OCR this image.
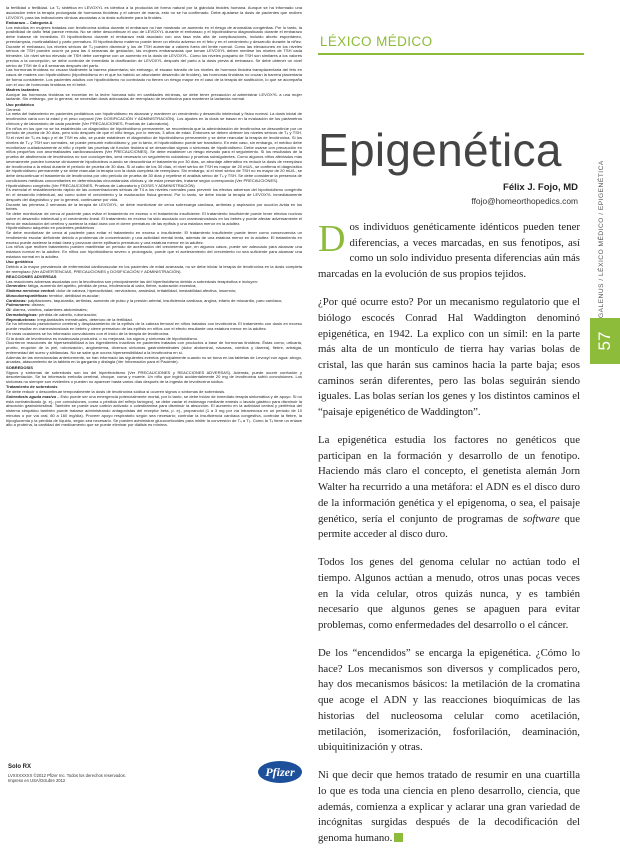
la fertilidad o fertilidad. La T₄ sintética en LEVOXYL es idéntica a la producida de forma natural por la glándula tiroides humana. Aunque se ha informado una asociación entre la terapia prolongada de hormonas tiroideas y el cáncer de mama, esto no se ha confirmado. Debe ajustarse la dosis de pacientes que reciben LEVOXYL para las indicaciones clínicas asociadas a la dosis suficiente para la tiroides.

Embarazo – Categoría A

Los estudios en mujeres tratadas con levotiroxina sódica durante el embarazo no han mostrado un aumento en el riesgo de anomalías congénitas. Por lo tanto, la posibilidad de daño fetal parece remota. No se debe descontinuar el uso de LEVOXYL durante el embarazo y el hipotiroidismo diagnosticado durante el embarazo debe tratarse de inmediato. El hipotiroidismo durante el embarazo está asociado con una tasa más alta de complicaciones, incluido aborto espontáneo, preeclampsia, mortinatalidad y parto prematuro. El hipotiroidismo materno puede tener un efecto adverso en el feto y en el crecimiento y desarrollo durante la niñez. Durante el embarazo, los niveles séricos de T₄ pueden disminuir y los de TSH aumentar a valores fuera del límite normal. Como las elevaciones en los niveles séricos de TSH pueden ocurrir ya para las 4 semanas de gestación, las mujeres embarazadas que toman LEVOXYL deben medirse los niveles de TSH cada trimestre. Un nivel sérico elevado de TSH debe corregirse con un aumento en la dosis de LEVOXYL. Como los niveles posparto de TSH son similares a los valores previos a la concepción, se debe controlar de inmediato la dosificación de LEVOXYL después del parto a la dosis previa al embarazo. Se debe obtener un nivel sérico de TSH de 6 a 8 semanas después del parto.

Las hormonas tiroideas no cruzan fácilmente la barrera placentaria; sin embargo, el escaso tránsito de los niveles de hormona tiroidea transplacentaria del feto en casos de madres con hipotiroidismo (hipotiroidismo en el que ha habido un abundante desarrollo de tiroides), las hormonas tiroideas no cruzan la barrera placentaria de forma consistente. Los pacientes adultos con hipotiroidismo no controlado no tienen un riesgo mayor en el caso de la terapia de sustitución, lo que se acompaña con el uso de hormonas tiroideas en el bebé.

Madres lactantes

Aunque las hormonas tiroideas se excretan en la leche humana sólo en cantidades mínimas, se debe tener precaución al administrar LEVOXYL a una mujer lactante. Sin embargo, por lo general, se necesitan dosis adecuadas de reemplazo de levotiroxina para mantener la lactancia normal.

Uso pediátrico

General

La meta del tratamiento en pacientes pediátricos con hipotiroidismo es alcanzar y mantener un crecimiento y desarrollo intelectual y físico normal. La dosis inicial de levotiroxina varía con la edad y el peso corporal (Ver DOSIFICACIÓN Y ADMINISTRACIÓN). Los ajustes en la dosis se basan en la evaluación de los parámetros clínicos y de laboratorio de cada paciente (Ver PRECAUCIONES, Pruebas de Laboratorio).

En niños en los que no se ha establecido un diagnóstico de hipotiroidismo permanente, se recomienda que la administración de levotiroxina se descontinúe por un periodo de prueba de 30 días, pero sólo después de que el niño tenga, por lo menos, 3 años de edad. Entonces se deben obtener los niveles séricos de T₄ y TSH. Si el nivel de T₄ es bajo y el de TSH es alto, se puede establecer el diagnóstico de hipotiroidismo permanente y se debe reanudar la terapia de levotiroxina. Si los niveles de T₄ y TSH son normales, se puede presumir eutiroidismo y, por lo tanto, el hipotiroidismo puede ser transitorio. En este caso, sin embargo, el médico debe monitorizar cuidadosamente al niño y repetir las pruebas de función tiroidea si se desarrollan signos o síntomas de hipotiroidismo. Debe usarse con precaución en niños pequeños con anormalidades cardiovasculares (Ver PRECAUCIONES). Se debe establecer un riesgo elevado para el seguimiento. Si los resultados de la prueba de abstinencia de levotiroxina no son concluyentes, será necesario un seguimiento cuidadoso y pruebas subsiguientes. Como algunos niños afectados más severamente pueden tornarse clínicamente hipotiroideos cuando se descontinúa el tratamiento por 30 días, un abordaje alternativo es reducir la dosis de reemplazo de levotiroxina a la mitad durante el periodo de prueba de 30 días. Si al cabo de los 30 días, el nivel sérico de TSH es mayor de 20 mU/L, se confirma el diagnóstico de hipotiroidismo permanente y se debe reanudar la terapia con la dosis completa de reemplazo. Sin embargo, si el nivel sérico de TSH no es mayor de 20 mU/L, se debe descontinuar el tratamiento de levotiroxina por otro periodo de prueba de 30 días y repetirse el análisis sérico de T₄ y TSH. Se debe considerar la presencia de condiciones médicas concomitantes en determinadas circunstancias clínicas y, de estar presentes, tratarse según corresponda (Ver PRECAUCIONES).

Hipotiroidismo congénito (Ver PRECAUCIONES, Pruebas de Laboratorio y DOSIS Y ADMINISTRACIÓN)

Es esencial el restablecimiento rápido de las concentraciones séricas de T4 a los niveles normales para prevenir los efectos adversos del hipotiroidismo congénito en el desarrollo intelectual, así como sobre el crecimiento y la maduración física general. Por lo tanto, se debe iniciar la terapia de LEVOXYL inmediatamente después del diagnóstico y por lo general, continuarse por vida.

Durante las primeras 2 semanas de la terapia de LEVOXYL, se debe monitorizar de cerca sobrecarga cardíaca, arritmias y aspiración por succión ávida en los bebés.

Se debe monitorizar de cerca al paciente para evitar el tratamiento en exceso o el tratamiento insuficiente. El tratamiento insuficiente puede tener efectos nocivos sobre el desarrollo intelectual y el crecimiento lineal. El tratamiento en exceso ha sido asociado con craneosinostosis en los bebés y puede afectar adversamente el ritmo de maduración del cerebro y acelerar la edad ósea con el cierre prematuro de las epífisis y una estatura menor en la adultez.

Hipotiroidismo adquirido en pacientes pediátricos

Se debe monitorizar de cerca al paciente para evitar el tratamiento en exceso o insuficiente. El tratamiento insuficiente puede tener como consecuencia un rendimiento escolar deficiente debido a problemas de concentración y una actividad mental lenta, además de una estatura menor en la adultez. El tratamiento en exceso puede acelerar la edad ósea y provocar cierre epifisario prematuro y una estatura menor en la adultez.

Los niños que reciben tratamiento pueden manifestar un periodo de aceleración del crecimiento que, en algunos casos, puede ser adecuado para alcanzar una estatura normal en la adultez. En niños con hipotiroidismo severo o prolongado, puede que el aceleramiento del crecimiento no sea suficiente para alcanzar una estatura normal en la adultez.

Uso geriátrico

Debido a la mayor prevalencia de enfermedad cardiovascular en los pacientes de edad avanzada, no se debe iniciar la terapia de levotiroxina en la dosis completa de reemplazo (Ver ADVERTENCIAS, PRECAUCIONES y DOSIFICACIÓN Y ADMINISTRACIÓN).

REACCIONES ADVERSAS

Las reacciones adversas asociadas con la levotiroxina son principalmente las del hipertiroidismo debido a sobredosis terapéutica e incluyen:

Generales: fatiga, aumento del apetito, pérdida de peso, intolerancia al calor, fiebre, sudoración excesiva;

Sistema nervioso central: dolor de cabeza, hiperactividad, nerviosismo, ansiedad, irritabilidad, inestabilidad afectiva, insomnio;

Musculoesqueléticas: temblor, debilidad muscular;

Cardíacas: palpitaciones, taquicardia, arritmias, aumento de pulso y la presión arterial, insuficiencia cardíaca, angina, infarto de miocardio, paro cardíaco;

Pulmonares: disnea;

GI: diarrea, vómitos, calambres abdominales;

Dermatológicas: pérdida de cabello, ruborización;

Reproductoras: irregularidades menstruales, deterioro de la fertilidad.

Se ha informado pseudotumor cerebral y desplazamiento de la epífisis de la cabeza femoral en niños tratados con levotiroxina. El tratamiento con dosis en exceso puede resultar en craneosinostosis en bebés y cierre prematuro de las epífisis en niños con el efecto resultante una estatura menor en la adultez.

En raras ocasiones se ha informado convulsiones con el inicio de la terapia de levotiroxina.

Si la dosis de levotiroxina es inadecuada producirá, o no mejorará, los signos y síntomas de hipotiroidismo.

Ocurrieron reacciones de hipersensibilidad a los ingredientes inactivos en pacientes tratados con productos a base de hormonas tiroideas. Éstas como, urticaria, prurito, erupción de la piel, ruborización, angioedema, diversos síntomas gastrointestinales (dolor abdominal, náuseas, vómitos y diarrea), fiebre, artralgia, enfermedad del suero y sibilancias. No se sabe que ocurra hipersensibilidad a la levotiroxina en sí.

Además de las mencionadas anteriormente, se han informado las siguientes eventos principalmente cuando no se toma en las tabletas de Levoxyl con agua: ahogo, arcadas, atascamiento de la tableta en la garganta y disfagia (Ver Información para el Paciente).

SOBREDOSIS

Signos y síntomas de sobredosis son los del hipertiroidismo (Ver PRECAUCIONES y REACCIONES ADVERSAS). Además, puede ocurrir confusión y desorientación. Se ha informado embolia cerebral, choque, coma y muerte. Un niño que ingirió accidentalmente 20 mg de levotiroxina sufrió convulsiones. Los síntomas no siempre son evidentes o pueden no aparecer hasta varios días después de la ingesta de levotiroxina sódica.

Tratamiento de sobredosis

Se debe reducir o descontinuar temporalmente la dosis de levotiroxina sódica si ocurren signos o síntomas de sobredosis.

Sobredosis aguda masiva – Esto puede ser una emergencia potencialmente mortal, por lo tanto, se debe iniciar de inmediato terapia sintomática y de apoyo. Si no está contraindicado (p. ej., por convulsiones, coma o pérdida del reflejo faríngeo), se debe vaciar el estómago mediante emesis o lavado gástrico para disminuir la absorción gastrointestinal. También se puede usar carbón activado o colestiramina para disminuir la absorción. El aumento en la actividad central y periférica del sistema simpático también puede tratarse administrando antagonistas del receptor beta, p. ej., propranolol (1 a 3 mg por vía intravenosa en un periodo de 10 minutos o por vía oral, 80 a 160 mg/día). Proveer apoyo respiratorio según sea necesario; controlar la insuficiencia cardíaca congestiva, controlar la fiebre, la hipoglucemia y la pérdida de líquido, según sea necesario. Se pueden administrar glucocorticoides para inhibir la conversión de T₄ a T₃. Como la T₄ tiene un enlace alto a proteína, la cantidad del medicamento que se puede eliminar por diálisis es mínima.

Solo RX
LVXXXXXXX ©2012 Pfizer Inc. Todos los derechos reservados.
Impreso en USA/Octubre 2012
Pfizer
LÉXICO MÉDICO
Epigenética
Félix J. Fojo, MD
ffojo@homeorthopedics.com

Dos individuos genéticamente idénticos pueden tener diferencias, a veces marcadas, en sus fenotipos, así como un solo individuo presenta diferencias aún más marcadas en la evolución de sus propios tejidos.

¿Por qué ocurre esto? Por un mecanismo regulatorio que el biólogo escocés Conrad Hal Waddington denominó epigenética, en 1942. La explico con un símil: en la parte más alta de un montículo de tierra hay varias bolas de cristal, las que harán sus caminos hacia la parte baja; esos caminos serán diferentes, pero las bolas seguirán siendo iguales. Las bolas serían los genes y los distintos caminos el “paisaje epigenético de Waddington”.

La epigenética estudia los factores no genéticos que participan en la formación y desarrollo de un fenotipo. Haciendo más claro el concepto, el genetista alemán Jorn Walter ha recurrido a una metáfora: el ADN es el disco duro de la información genética y el epigenoma, o sea, el paisaje genético, sería el conjunto de programas de software que permite acceder al disco duro.

Todos los genes del genoma celular no actúan todo el tiempo. Algunos actúan a menudo, otros unas pocas veces en la vida celular, otros quizás nunca, y es también necesario que algunos genes se apaguen para evitar problemas, como enfermedades del desarrollo o el cáncer.

De los “encendidos” se encarga la epigenética. ¿Cómo lo hace? Los mecanismos son diversos y complicados pero, hay dos mecanismos básicos: la metilación de la cromatina que acoge el ADN y las reacciones bioquímicas de las historias del nucleosoma celular como acetilación, metilación, isomerización, fosforilación, deaminación, ubiquitinización y otras.

Ni que decir que hemos tratado de resumir en una cuartilla lo que es toda una ciencia en pleno desarrollo, ciencia, que además, comienza a explicar y aclarar una gran variedad de incógnitas surgidas después de la decodificación del genoma humano.

GALENUS / LÉXICO MÉDICO / EPIGENÉTICA
57
